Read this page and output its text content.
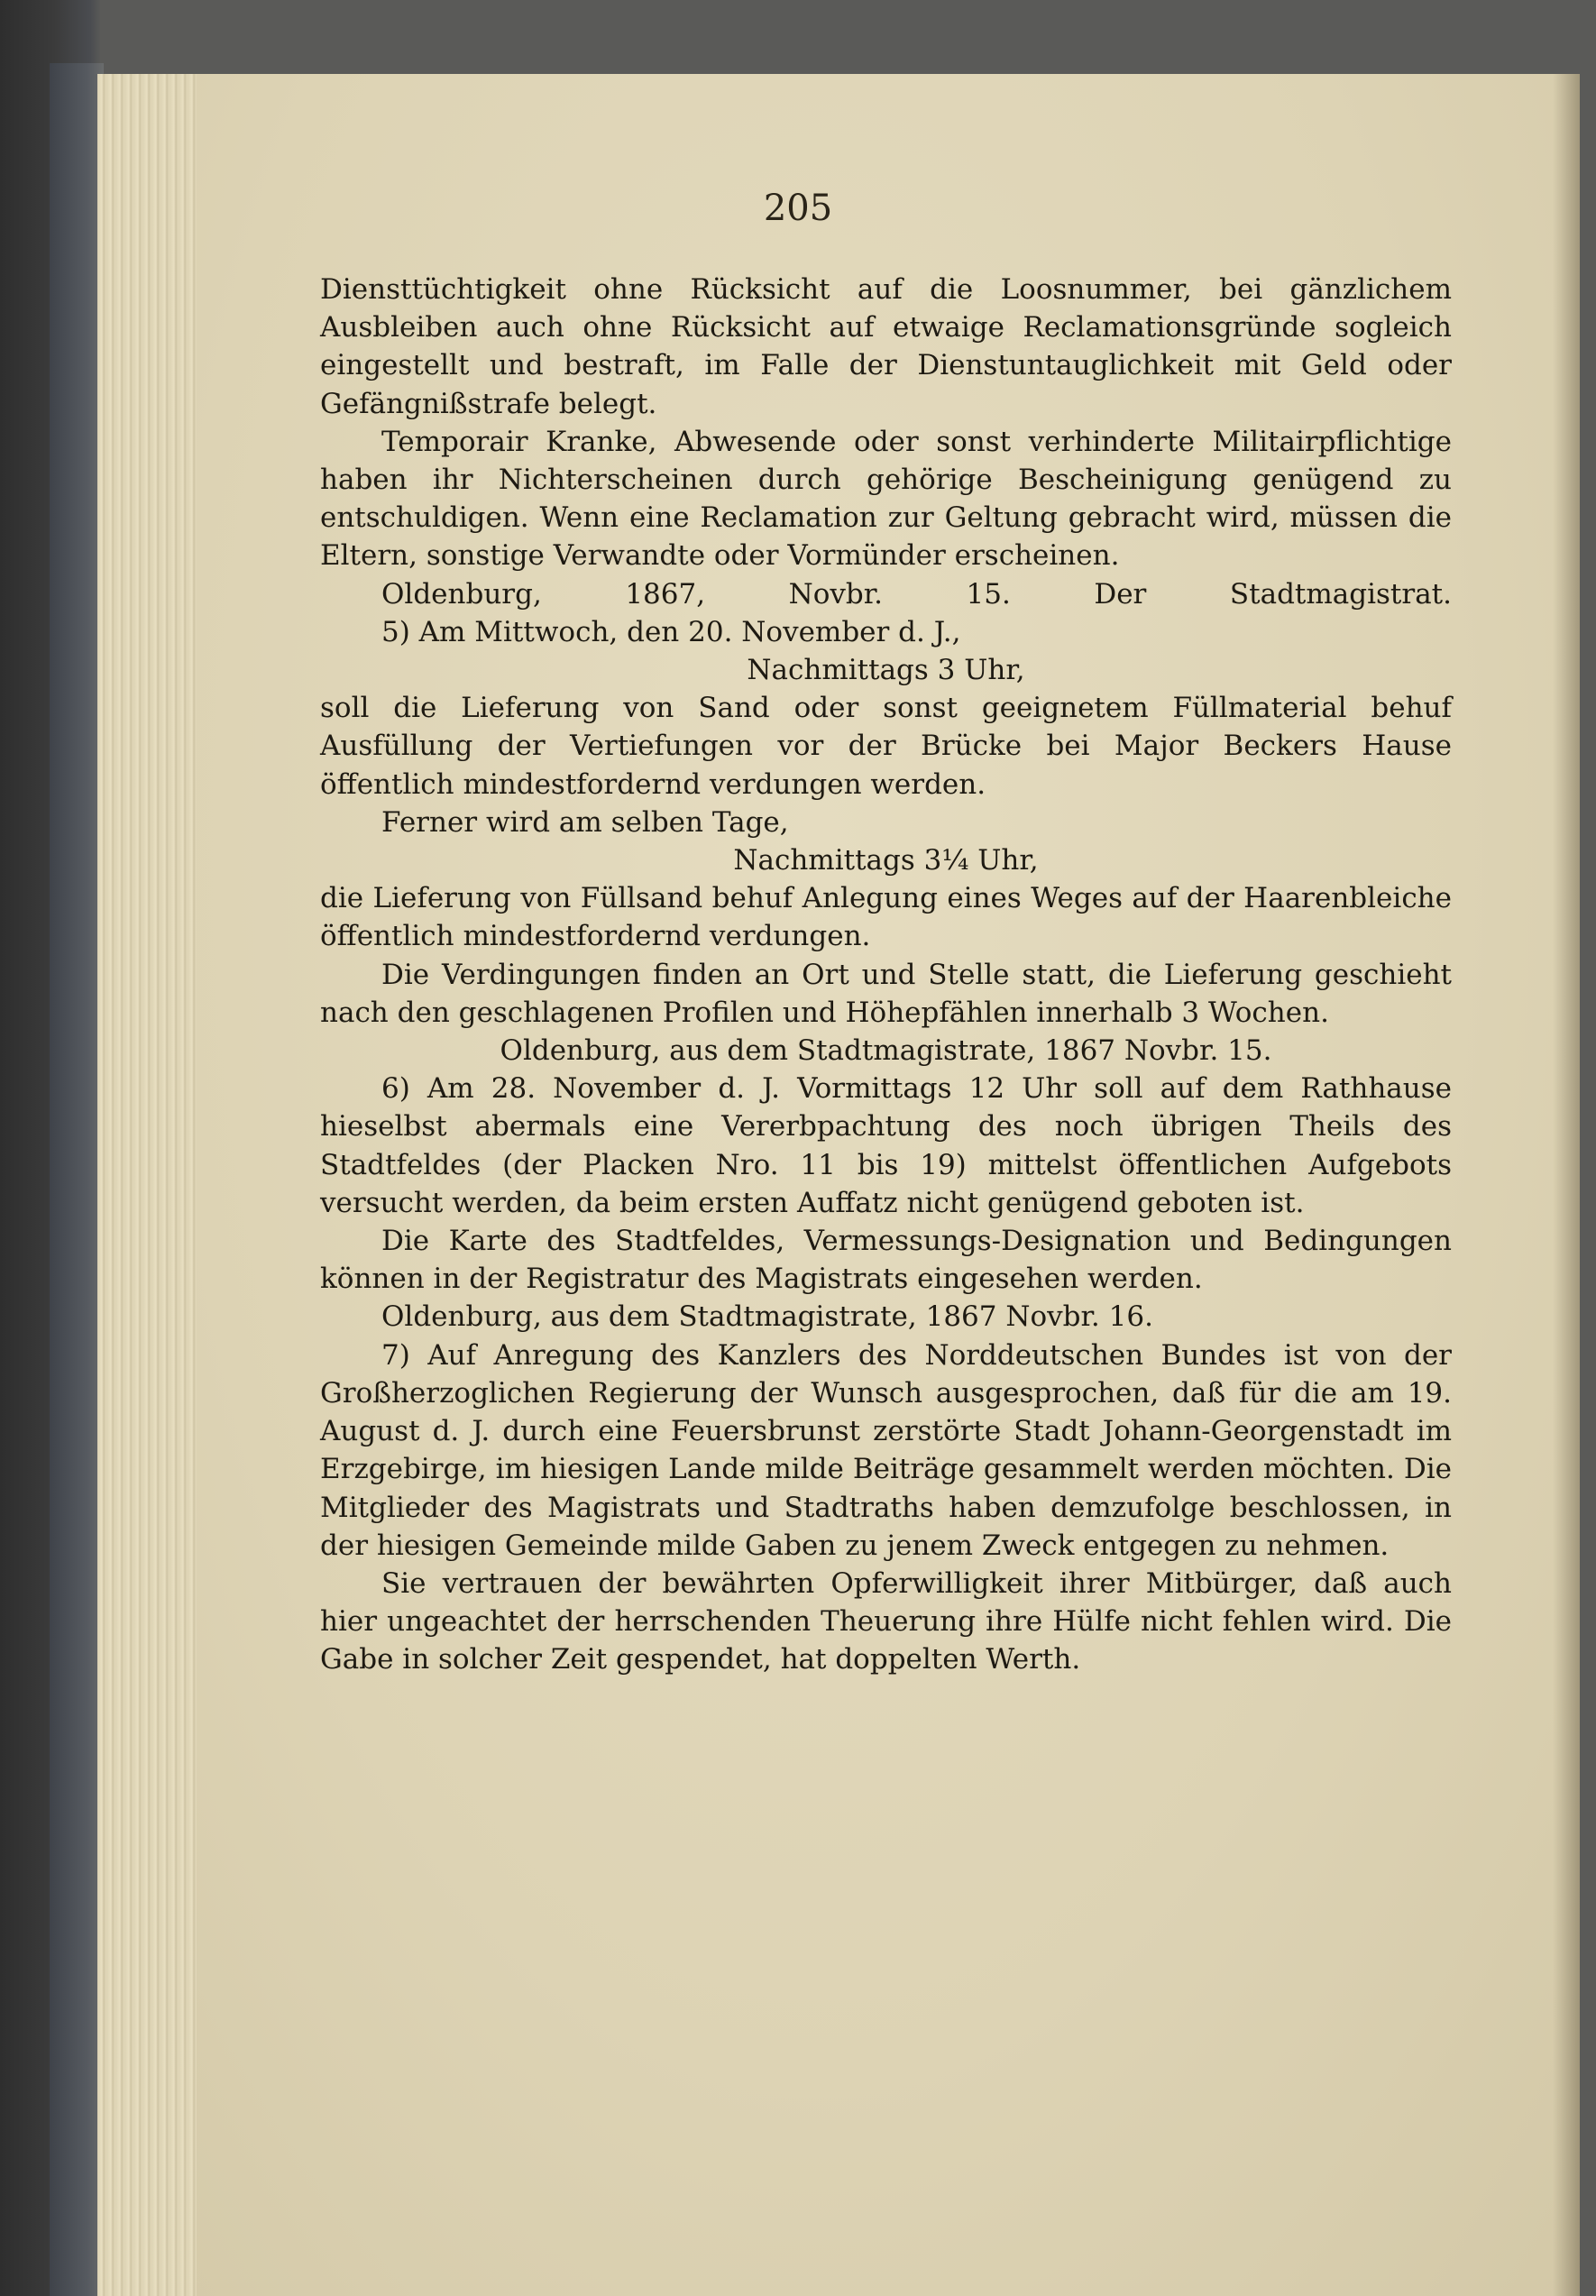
205

Diensttüchtigkeit ohne Rücksicht auf die Loosnummer, bei gänzlichem Ausbleiben auch ohne Rücksicht auf etwaige Reclamationsgründe sogleich eingestellt und bestraft, im Falle der Dienstuntauglichkeit mit Geld oder Gefängnißstrafe belegt.

Temporair Kranke, Abwesende oder sonst verhinderte Militairpflichtige haben ihr Nichterscheinen durch gehörige Bescheinigung genügend zu entschuldigen. Wenn eine Reclamation zur Geltung gebracht wird, müssen die Eltern, sonstige Verwandte oder Vormünder erscheinen.

Oldenburg, 1867, Novbr. 15. Der Stadtmagistrat.

5) Am Mittwoch, den 20. November d. J.,

Nachmittags 3 Uhr,

soll die Lieferung von Sand oder sonst geeignetem Füllmaterial behuf Ausfüllung der Vertiefungen vor der Brücke bei Major Beckers Hause öffentlich mindestfordernd verdungen werden.

Ferner wird am selben Tage,

Nachmittags 3¼ Uhr,

die Lieferung von Füllsand behuf Anlegung eines Weges auf der Haarenbleiche öffentlich mindestfordernd verdungen.

Die Verdingungen finden an Ort und Stelle statt, die Lieferung geschieht nach den geschlagenen Profilen und Höhepfählen innerhalb 3 Wochen.

Oldenburg, aus dem Stadtmagistrate, 1867 Novbr. 15.

6) Am 28. November d. J. Vormittags 12 Uhr soll auf dem Rathhause hieselbst abermals eine Vererbpachtung des noch übrigen Theils des Stadtfeldes (der Placken Nro. 11 bis 19) mittelst öffentlichen Aufgebots versucht werden, da beim ersten Auffatz nicht genügend geboten ist.

Die Karte des Stadtfeldes, Vermessungs-Designation und Bedingungen können in der Registratur des Magistrats eingesehen werden.

Oldenburg, aus dem Stadtmagistrate, 1867 Novbr. 16.

7) Auf Anregung des Kanzlers des Norddeutschen Bundes ist von der Großherzoglichen Regierung der Wunsch ausgesprochen, daß für die am 19. August d. J. durch eine Feuersbrunst zerstörte Stadt Johann-Georgenstadt im Erzgebirge, im hiesigen Lande milde Beiträge gesammelt werden möchten. Die Mitglieder des Magistrats und Stadtraths haben demzufolge beschlossen, in der hiesigen Gemeinde milde Gaben zu jenem Zweck entgegen zu nehmen.

Sie vertrauen der bewährten Opferwilligkeit ihrer Mitbürger, daß auch hier ungeachtet der herrschenden Theuerung ihre Hülfe nicht fehlen wird. Die Gabe in solcher Zeit gespendet, hat doppelten Werth.
